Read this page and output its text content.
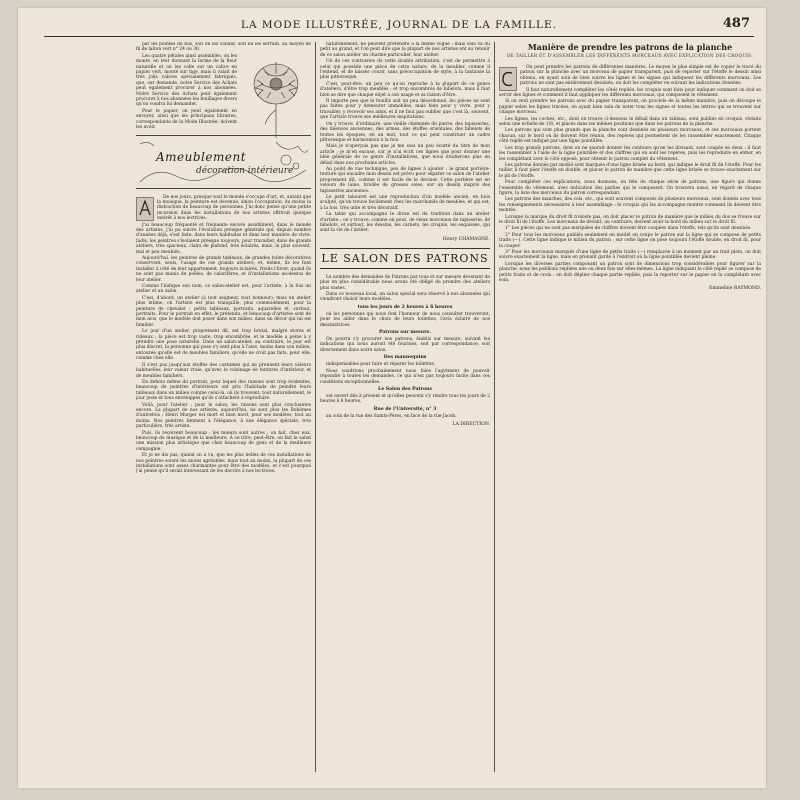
LA MODE ILLUSTRÉE, JOURNAL DE LA FAMILLE.	487

par les pointes du bas, soit en les collant, soit en les serrant, au moyen de fil de laiton vert n° 24 ou 30.

Les quatre pétales ainsi assemblés, on les monte, en leur donnant la forme de la fleur naturelle et on les colle sur un calice en papier vert, monté sur tige, mais il valait de très jolis calices spécialement fabriqués, que, sur demande, notre Service des Achats peut également procurer à nos abonnées. Notre Service des Achats peut également procurer à nos abonnées les feuillages divers qu'on voudra lui demander.

Pour le papier, on peut également en envoyer, ainsi que les principaux libraires, correspondants de la Mode Illustrée, doivent les avoir.

Ameublement
décoration intérieure

De nos jours, presque tout le monde s'occupe d'art, et, autant que la musique, la peinture est devenue, sinon l'occupation, du moins la distraction de beaucoup de personnes. J'ai donc pensé qu'une petite incursion dans les installations de nos artistes offrirait quelque intérêt à nos lectrices.

J'ai beaucoup fréquenté et fréquente encore assidûment, dans le monde des artistes, j'ai pu suivre l'évolution presque générale qui, depuis nombre d'années déjà, s'est faite, dans leurs habitudes et dans leur manière de vivre. Jadis, les peintres s'isolaient presque toujours, pour travailler, dans de grands ateliers, très spacieux, clairs de plafond, très éclairés, mais, la plus souvent, mal et peu meublés.

Aujourd'hui, les peintres de grands tableaux, de grandes toiles décoratives conservent, seuls, l'usage de ces grands ateliers; et, même, ils les font installer à côté de leur appartement, toujours éclairés, froids l'hiver, quand ils ne sont pas munis de poêles, de calorifères, et d'installations au-dessus de leur atelier.

Comme l'indique son nom, ce salon-atelier est, pour l'artiste, à la fois un atelier et un salon.

C'est, d'abord, un atelier (à tout seigneur, tout honneur); mais un atelier plus intime, où l'artiste est plus tranquille, plus commodément, pour la peinture de chevalet : petits tableaux, portraits, aquarelles et, surtout, portraits. Pour le portrait en effet, le prétendu, et beaucoup d'artistes sont de mon avis, que le modèle doit poser dans son milieu, dans un décor qui lui est familier.

Le jour d'un atelier, proprement dit, est trop brutal, malgré stores et rideaux ; la pièce est trop vaste, trop encombrée, et le modèle a peine à y prendre une pose naturelle. Dans un salon-atelier, au contraire, le jour est plus discret, la personne qui pose s'y sent plus à l'aise, moins dans son milieu, entourée qu'elle est de meubles familiers, qu'elle ne croit pas faits, pour elle, comme chez elle.

Il s'est pas jusqu'aux étoffes des costumes qui ne prennent leurs valeurs habituelles, leur valeur vraie, qu'avec le voisinage de tentures d'intérieur, et de meubles familiers.

En dehors même du portrait, pour lequel des raisons sont trop évidentes, beaucoup de peintres d'intérieurs ont pris l'habitude de peindre leurs tableaux dans un milieu comme celui-là, où ils trouvent, tout naturellement, le jour juste et tous enveloppés qu'ils s'attachent à reproduire.

Voilà, pour l'atelier ; pour le salon, les raisons sont plus concluantes encore. La plupart de nos artistes, aujourd'hui, ne sont plus les Bohèmes d'autrefois : Henri Murger est mort et bien mort, pour ses modèles, tout au moins. Nos peintres tiennent à l'élégance, à une élégance spéciale, très particulière, très artiste.

Puis, ils reçoivent beaucoup ; les mœurs sont autres ; on fait, chez eux, beaucoup de musique et de la meilleure. A ce titre, peut-être, on fait le salon une mission plus artistique que chez beaucoup de gens et de la meilleure compagnie.

Et je ne dis pas, quand on a vu, que les plus belles de ces installations de nos peintres soient les moins agréables, mais tout au moins, la plupart de ces installations sont assez charmantes pour être des modèles, et c'est pourquoi j'ai pensé qu'il serait intéressant de les décrire à nos lectrices.

naturellement, ne peuvent prétendre à la même vogue : mais cela va du petit au grand, et l'on peut dire que la plupart de nos artistes ont su retenir de ce salon-atelier un charme particulier, leur atelier.

Un de ces contrastes de cette double attribution, c'est de permettre à celui qui possède une pièce de cette nature, de la meubler, comme il l'entend, et de laisser courir, sans préoccupation de style, à la fantaisie la plus pittoresque.

C'est, peut-être, un peu ce qu'on reproche à la plupart de ce genre d'ateliers, d'être trop meublés : et trop encombrés de bibelots, mais il faut bien se dire que chaque objet a son usage et sa raison d'être.

Il importe peu que le fouillis soit un peu désordonné, les pièces ne sont pas faites pour y demeurer immobiles, mais bien pour y vivre, pour y travailler, y recevoir ses amis, et il ne faut pas oublier que c'est là, souvent, que l'artiste trouve ses meilleures inspirations.

On y trouve, d'ordinaire, une vieille cheminée de pierre, des tapisseries, des faïences anciennes, des armes, des étoffes orientales, des bibelots de toutes les époques, en un mot, tout ce qui peut constituer un cadre pittoresque et harmonieux à la fois.

Mais je n'aperçois pas que je me suis un peu écarté du titre de mon article ; je m'en excuse, car je n'ai écrit ces lignes que pour donner une idée générale de ce genre d'installations, que nous étudierons plus en détail dans nos prochains articles.

Au point de vue technique, peu de lignes à ajouter : le grand portière-tenture qui encadre mon dessin est prévu pour séparer ce salon de l'atelier proprement dit, comme il est facile de le deviner. Cette portière est en velours de laine, brodée de grosses soies, sur un dessin inspiré des tapisseries anciennes.

Le petit tabouret est une reproduction d'un modèle ancien, en bois sculpté, qu'on trouve facilement chez les marchands de meubles, et qui est, à la fois, très utile et très décoratif.

La table qui accompagne le divan est de tradition dans un atelier d'artiste ; on y trouve, comme on peut, de vieux morceaux de tapisserie, de bibelots, et surtout, les dessins, les carnets, les croquis, les esquisses, qui sont la vie de l'atelier.

Henry CHAMAGNE.
LE SALON DES PATRONS

Le nombre des demandes de Patrons par tous et sur mesure devenant de plus en plus considérable nous avons été obligé de prendre des ateliers plus vastes.

Dans ce nouveau local, un salon spécial sera réservé à nos abonnées qui viendront choisir leurs modèles.

tous les jours de 2 heures à 6 heures

où les personnes qui nous font l'honneur de nous consulter trouveront, pour les aider dans le choix de leurs toilettes, l'avis éclairé de nos dessinatrices.

Patrons sur mesure.

On pourra s'y procurer nos patrons, établis sur mesure, suivant les indications qui nous auront été fournies, soit par correspondance, soit directement dans notre salon.

Des mannequins

indispensables pour faire et réparer les toilettes.

Nous voudrions prochainement nous faire l'agrément de pouvoir répondre à toutes les demandes, ce qui n'est pas toujours facile dans ces conditions exceptionnelles.

Le Salon des Patrons

est ouvert dès à présent et qu'elles peuvent s'y rendre tous les jours de 2 heures à 6 heures,

Rue de l'Université, n° 3

au coin de la rue des Saints-Pères, en face de la rue Jacob.

LA DIRECTION.
Manière de prendre les patrons de la planche
DE TAILLER ET D'ASSEMBLER LES DIFFÉRENTS MORCEAUX AVEC EXPLICATION DES CROQUIS.

On peut prendre les patrons de différentes manières. Le moyen le plus simple est de copier le tracé du patron sur la planche avec un morceau de papier transparent, puis de reporter sur l'étoffe le dessin ainsi obtenu, en ayant soin de bien suivre les lignes et les signes qui indiquent les différents morceaux. Les patrons ne sont pas entièrement dessinés, on doit les compléter en suivant les indications données.

Il faut naturellement compléter les côtés repliés, les croquis sont faits pour indiquer comment on doit se servir des lignes et comment il faut appliquer les différents morceaux, qui composent le vêtement.

Si on veut prendre les patrons avec du papier transparent, on procède de la même manière, puis on découpe le papier selon les lignes tracées, en ayant bien soin de noter tous les signes et toutes les lettres qui se trouvent sur chaque morceau.

Les lignes, les coches, etc., dont on trouve ci-dessous le détail dans un tableau, sont publiés en croquis, réduits selon une échelle de 1/8, et placés dans les mêmes positions que dans les patrons de la planche.

Les patrons qui sont plus grands que la planche sont dessinés en plusieurs morceaux, et ces morceaux portent chacun, sur le bord où ils doivent être réunis, des repères qui permettent de les rassembler exactement. Chaque côté replié est indiqué par une ligne pointillée.

Les trop grands patrons, dont on ne saurait donner les contours qu'en les divisant, sont coupés en deux : il faut les rassembler à l'aide de la ligne pointillée et des chiffres qui en sont les repères, puis les reproduire en entier, en les complétant avec le côté opposé, pour obtenir le patron complet du vêtement.

Les patrons donnés par moitié sont marqués d'une ligne brisée au bord, qui indique le droit fil de l'étoffe. Pour les tailler, il faut plier l'étoffe en double, et placer le patron de manière que cette ligne brisée se trouve exactement sur le pli de l'étoffe.

Pour compléter ces explications, nous donnons, en tête de chaque série de patrons, une figure qui donne l'ensemble du vêtement, avec indication des parties qui le composent. On trouvera aussi, en regard de chaque figure, la liste des morceaux du patron correspondant.

Les patrons des manches, des cols, etc., qui sont souvent composés de plusieurs morceaux, sont donnés avec tous les renseignements nécessaires à leur assemblage : le croquis qui les accompagne montre comment ils doivent être montés.

Lorsque la marque du droit fil n'existe pas, on doit placer le patron de manière que le milieu du dos se trouve sur le droit fil de l'étoffe. Les morceaux de devant, au contraire, doivent avoir le bord du milieu sur le droit fil.

1° Les pièces qui ne sont pas marquées de chiffres doivent être coupées dans l'étoffe, tels qu'ils sont dessinés.

2° Pour tous les morceaux publiés seulement en moitié on coupe le patron sur la ligne qui se compose de petits traits (—). Cette ligne indique le milieu du patron ; sur cette ligne on pose toujours l'étoffe double, en droit fil, pour la couper.

3° Pour les morceaux marqués d'une ligne de petits traits (—) remplacée à un moment par un trait plein, on doit suivre exactement la ligne, mais en prenant garde à l'endroit où la ligne pointillée devient pleine.

Lorsque les diverses parties composant un patron sont de dimensions trop considérables pour figurer sur la planche, nous les publions repliées une ou deux fois sur elles-mêmes. La ligne indiquant le côté replié se compose de petits traits et de croix : on doit déplier chaque partie repliée, puis la reporter sur le papier en la complétant avec soin.

Emmeline RAYMOND.
